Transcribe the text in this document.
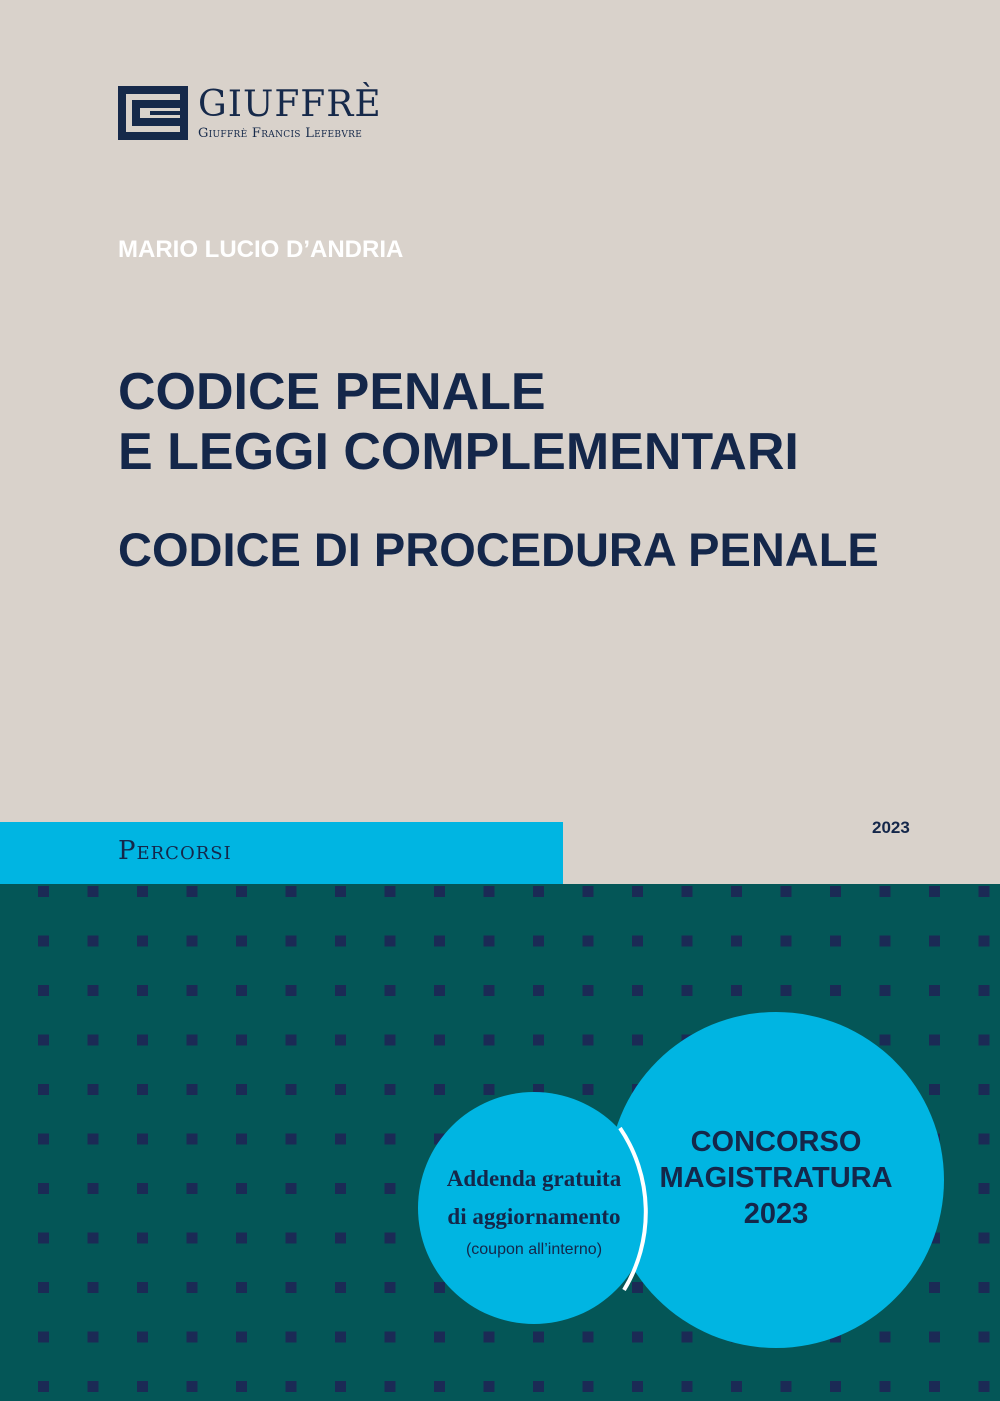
GIUFFRÈ
Giuffrè Francis Lefebvre
MARIO LUCIO D’ANDRIA
CODICE PENALE
E LEGGI COMPLEMENTARI
CODICE DI PROCEDURA PENALE
Percorsi
2023
CONCORSO
MAGISTRATURA
2023
Addenda gratuita
di aggiornamento
(coupon all’interno)
